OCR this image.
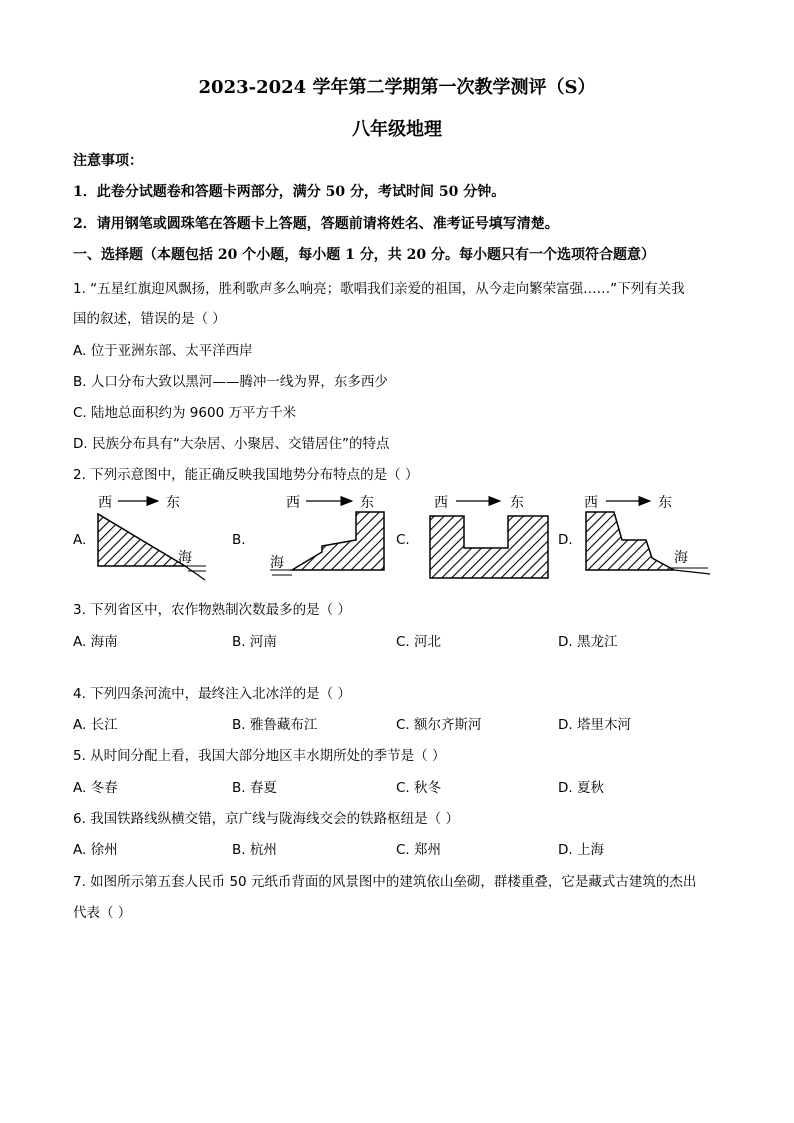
2023-2024 学年第二学期第一次教学测评（S）
八年级地理
注意事项：
1．此卷分试题卷和答题卡两部分，满分 50 分，考试时间 50 分钟。
2．请用钢笔或圆珠笔在答题卡上答题，答题前请将姓名、准考证号填写清楚。
一、选择题（本题包括 20 个小题，每小题 1 分，共 20 分。每小题只有一个选项符合题意）
1. “五星红旗迎风飘扬，胜利歌声多么响亮；歌唱我们亲爱的祖国，从今走向繁荣富强……”下列有关我
国的叙述，错误的是（ ）
A. 位于亚洲东部、太平洋西岸
B. 人口分布大致以黑河——腾冲一线为界，东多西少
C. 陆地总面积约为 9600 万平方千米
D. 民族分布具有“大杂居、小聚居、交错居住”的特点
2. 下列示意图中，能正确反映我国地势分布特点的是（ ）
A.
西	东
海
B.
西	东
海
C.
西	东
D.
西	东
海
3. 下列省区中，农作物熟制次数最多的是（ ）
A. 海南	B. 河南	C. 河北	D. 黑龙江
4. 下列四条河流中，最终注入北冰洋的是（ ）
A. 长江	B. 雅鲁藏布江	C. 额尔齐斯河	D. 塔里木河
5. 从时间分配上看，我国大部分地区丰水期所处的季节是（ ）
A. 冬春	B. 春夏	C. 秋冬	D. 夏秋
6. 我国铁路线纵横交错，京广线与陇海线交会的铁路枢纽是（ ）
A. 徐州	B. 杭州	C. 郑州	D. 上海
7. 如图所示第五套人民币 50 元纸币背面的风景图中的建筑依山垒砌，群楼重叠，它是藏式古建筑的杰出
代表（ ）
